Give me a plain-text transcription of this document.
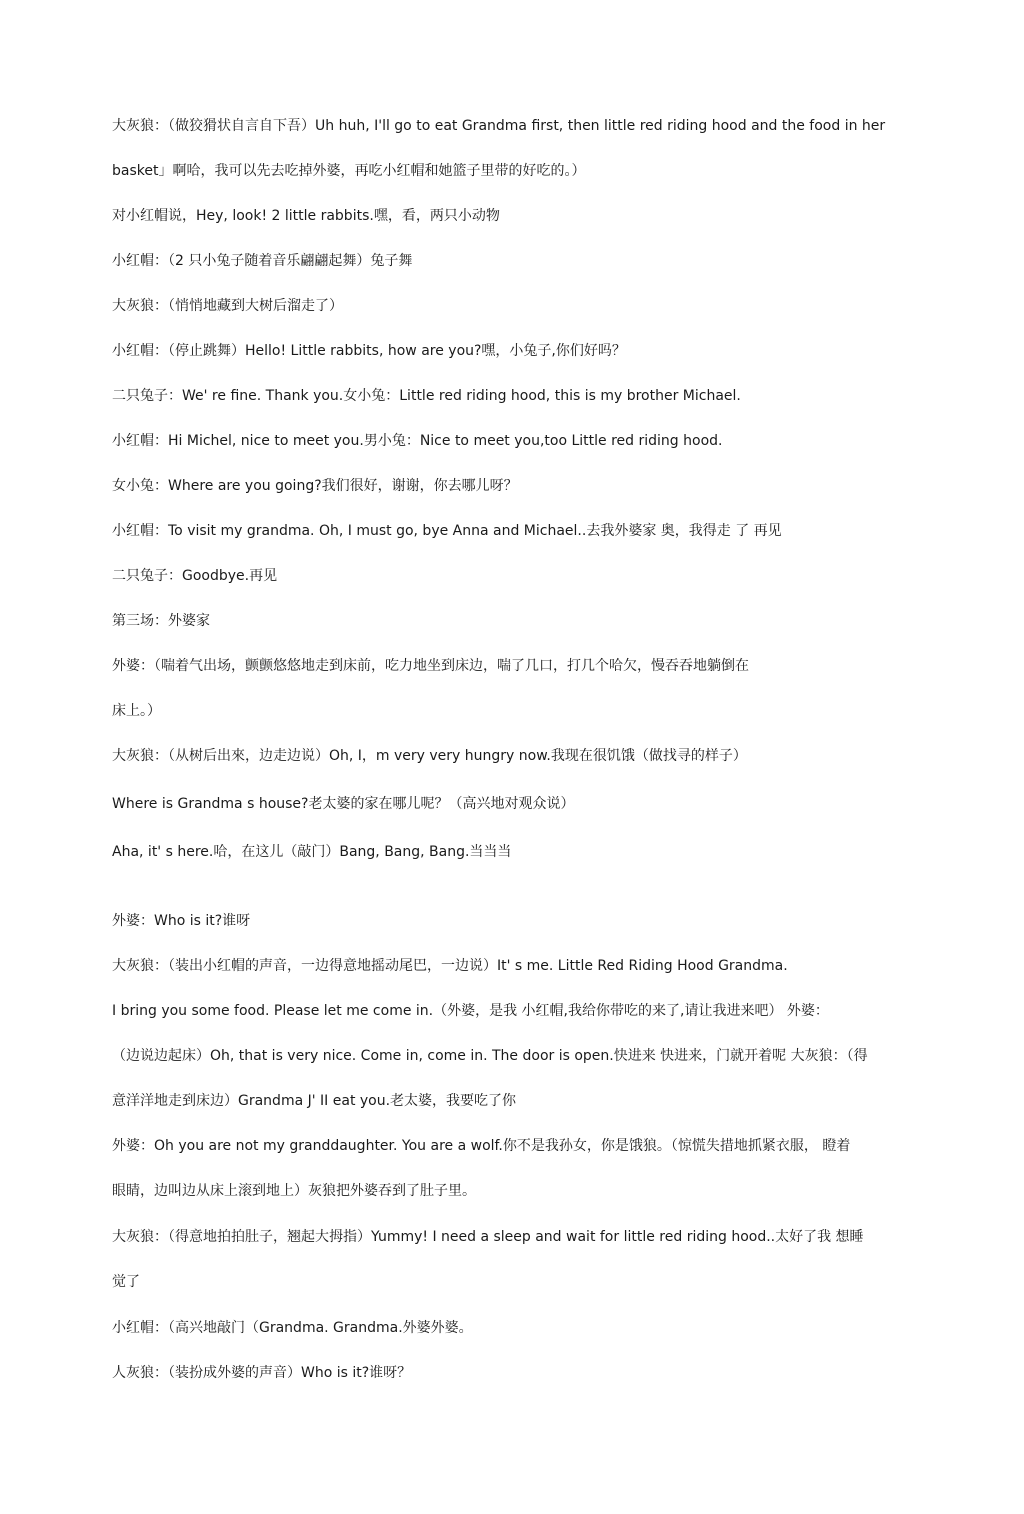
大灰狼：（做狡猾状自言自下吾）Uh huh, I'll go to eat Grandma first, then little red riding hood and the food in her
basket」啊哈，我可以先去吃掉外婆，再吃小红帽和她篮子里带的好吃的。）
对小红帽说，Hey, look! 2 little rabbits.嘿，看，两只小动物
小红帽：（2 只小兔子随着音乐翩翩起舞）兔子舞
大灰狼：（悄悄地藏到大树后溜走了）
小红帽：（停止跳舞）Hello! Little rabbits, how are you?嘿，小兔子,你们好吗？
二只兔子：We' re fine. Thank you.女小兔：Little red riding hood, this is my brother Michael.
小红帽：Hi Michel, nice to meet you.男小兔：Nice to meet you,too Little red riding hood.
女小兔：Where are you going?我们很好，谢谢，你去哪儿呀？
小红帽：To visit my grandma. Oh, I must go, bye Anna and Michael..去我外婆家 奥，我得走 了 再见
二只兔子：Goodbye.再见
第三场：外婆家
外婆：（喘着气出场，颤颤悠悠地走到床前，吃力地坐到床边，喘了几口，打几个哈欠，慢吞吞地躺倒在
床上。）
大灰狼：（从树后出來，边走边说）Oh, I，m very very hungry now.我现在很饥饿（做找寻的样子）
Where is Grandma s house?老太婆的家在哪儿呢？（高兴地对观众说）
Aha, it' s here.哈，在这儿（敲门）Bang, Bang, Bang.当当当
外婆：Who is it?谁呀
大灰狼：（装出小红帽的声音，一边得意地摇动尾巴，一边说）It' s me. Little Red Riding Hood Grandma.
I bring you some food. Please let me come in.（外婆，是我 小红帽,我给你带吃的来了,请让我进来吧） 外婆：
（边说边起床）Oh, that is very nice. Come in, come in. The door is open.快进来 快进来，门就开着呢 大灰狼：（得
意洋洋地走到床边）Grandma J' II eat you.老太婆，我要吃了你
外婆：Oh you are not my granddaughter. You are a wolf.你不是我孙女，你是饿狼。（惊慌失措地抓紧衣服， 瞪着
眼睛，边叫边从床上滚到地上）灰狼把外婆吞到了肚子里。
大灰狼：（得意地拍拍肚子，翘起大拇指）Yummy! I need a sleep and wait for little red riding hood..太好了我 想睡
觉了
小红帽：（高兴地敲门（Grandma. Grandma.外婆外婆。
人灰狼：（装扮成外婆的声音）Who is it?谁呀？
